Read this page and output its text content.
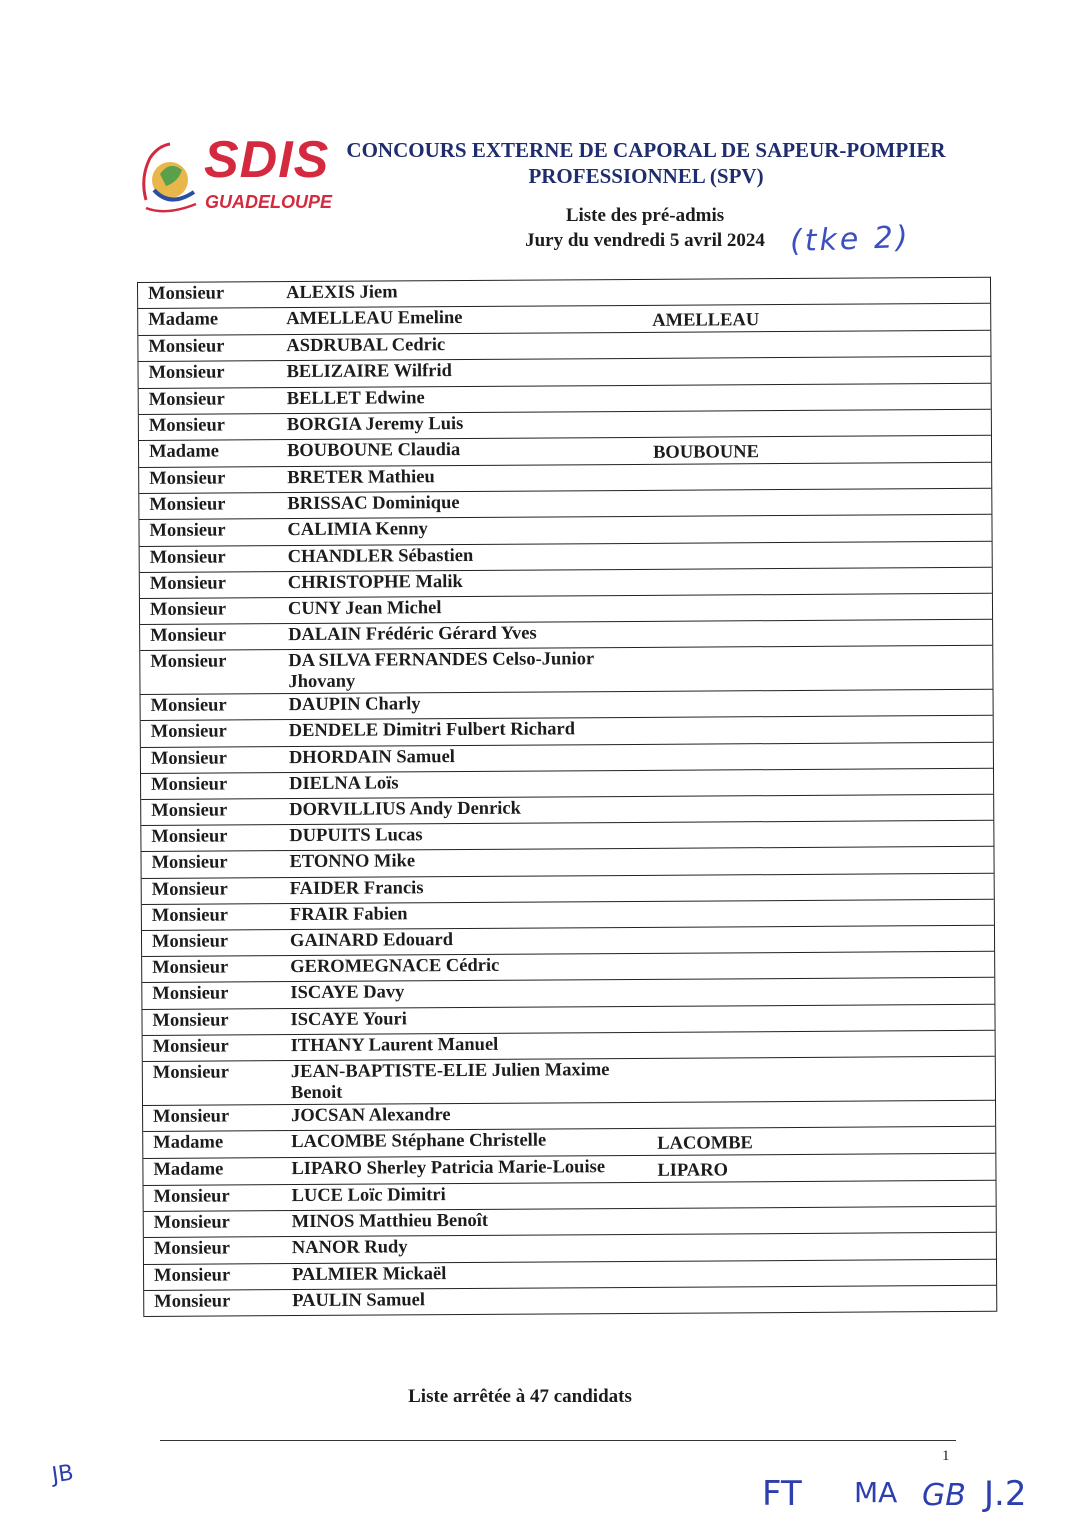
SDIS
GUADELOUPE
CONCOURS EXTERNE DE CAPORAL DE SAPEUR-POMPIER
PROFESSIONNEL (SPV)
Liste des pré-admis
Jury du vendredi 5 avril 2024 (tke 2)
Monsieur	ALEXIS Jiem
Madame	AMELLEAU Emeline	AMELLEAU
Monsieur	ASDRUBAL Cedric
Monsieur	BELIZAIRE Wilfrid
Monsieur	BELLET Edwine
Monsieur	BORGIA Jeremy Luis
Madame	BOUBOUNE Claudia	BOUBOUNE
Monsieur	BRETER Mathieu
Monsieur	BRISSAC Dominique
Monsieur	CALIMIA Kenny
Monsieur	CHANDLER Sébastien
Monsieur	CHRISTOPHE Malik
Monsieur	CUNY Jean Michel
Monsieur	DALAIN Frédéric Gérard Yves
Monsieur	DA SILVA FERNANDES Celso-Junior Jhovany
Monsieur	DAUPIN Charly
Monsieur	DENDELE Dimitri Fulbert Richard
Monsieur	DHORDAIN Samuel
Monsieur	DIELNA Loïs
Monsieur	DORVILLIUS Andy Denrick
Monsieur	DUPUITS Lucas
Monsieur	ETONNO Mike
Monsieur	FAIDER Francis
Monsieur	FRAIR Fabien
Monsieur	GAINARD Edouard
Monsieur	GEROMEGNACE Cédric
Monsieur	ISCAYE Davy
Monsieur	ISCAYE Youri
Monsieur	ITHANY Laurent Manuel
Monsieur	JEAN-BAPTISTE-ELIE Julien Maxime Benoit
Monsieur	JOCSAN Alexandre
Madame	LACOMBE Stéphane Christelle	LACOMBE
Madame	LIPARO Sherley Patricia Marie-Louise	LIPARO
Monsieur	LUCE Loïc Dimitri
Monsieur	MINOS Matthieu Benoît
Monsieur	NANOR Rudy
Monsieur	PALMIER Mickaël
Monsieur	PAULIN Samuel
Liste arrêtée à 47 candidats
1
JB	FT MA GB J.2
